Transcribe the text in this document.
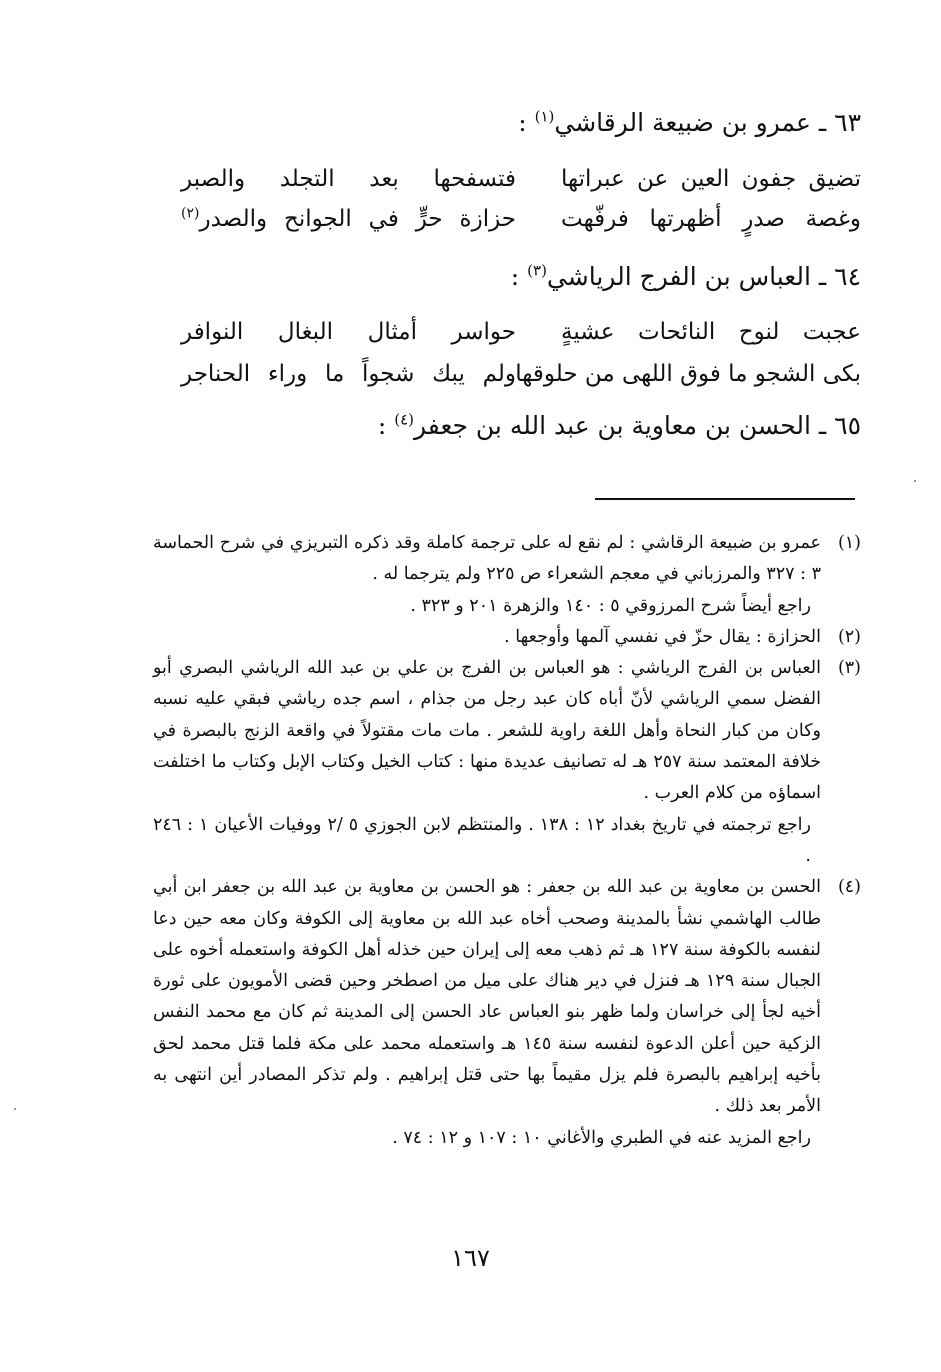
٦٣ ـ عمرو بن ضبيعة الرقاشي$^{(١)}$ :
تضيق جفون العين عن عبراتها
فتسفحها بعد التجلد والصبر
وغصة صدرٍ أظهرتها فرفّهت
حزازة حرٍّ في الجوانح والصدر$^{(٢)}$
٦٤ ـ العباس بن الفرج الرياشي$^{(٣)}$ :
عجبت لنوح النائحات عشيةٍ
حواسر أمثال البغال النوافر
بكى الشجو ما فوق اللهى من حلوقها
ولم يبك شجواً ما وراء الحناجر
٦٥ ـ الحسن بن معاوية بن عبد الله بن جعفر$^{(٤)}$ :
(١)
عمرو بن ضبيعة الرقاشي : لم نقع له على ترجمة كاملة وقد ذكره التبريزي في شرح الحماسة ٣ : ٣٢٧ والمرزباني في معجم الشعراء ص ٢٢٥ ولم يترجما له .
راجع أيضاً شرح المرزوقي ٥ : ١٤٠ والزهرة ٢٠١ و ٣٢٣ .
(٢)
الحزازة : يقال حزّ في نفسي آلمها وأوجعها .
(٣)
العباس بن الفرج الرياشي : هو العباس بن الفرج بن علي بن عبد الله الرياشي البصري أبو الفضل سمي الرياشي لأنّ أباه كان عبد رجل من جذام ، اسم جده رياشي فبقي عليه نسبه وكان من كبار النحاة وأهل اللغة راوية للشعر . مات مات مقتولاً في واقعة الزنج بالبصرة في خلافة المعتمد سنة ٢٥٧ هـ له تصانيف عديدة منها : كتاب الخيل وكتاب الإبل وكتاب ما اختلفت اسماؤه من كلام العرب .
راجع ترجمته في تاريخ بغداد ١٢ : ١٣٨ . والمنتظم لابن الجوزي ٥ /٢ ووفيات الأعيان ١ : ٢٤٦ .
(٤)
الحسن بن معاوية بن عبد الله بن جعفر : هو الحسن بن معاوية بن عبد الله بن جعفر ابن أبي طالب الهاشمي نشأ بالمدينة وصحب أخاه عبد الله بن معاوية إلى الكوفة وكان معه حين دعا لنفسه بالكوفة سنة ١٢٧ هـ ثم ذهب معه إلى إيران حين خذله أهل الكوفة واستعمله أخوه على الجبال سنة ١٢٩ هـ فنزل في دير هناك على ميل من اصطخر وحين قضى الأمويون على ثورة أخيه لجأ إلى خراسان ولما ظهر بنو العباس عاد الحسن إلى المدينة ثم كان مع محمد النفس الزكية حين أعلن الدعوة لنفسه سنة ١٤٥ هـ واستعمله محمد على مكة فلما قتل محمد لحق بأخيه إبراهيم بالبصرة فلم يزل مقيماً بها حتى قتل إبراهيم . ولم تذكر المصادر أين انتهى به الأمر بعد ذلك .
راجع المزيد عنه في الطبري والأغاني ١٠ : ١٠٧ و ١٢ : ٧٤ .
١٦٧
